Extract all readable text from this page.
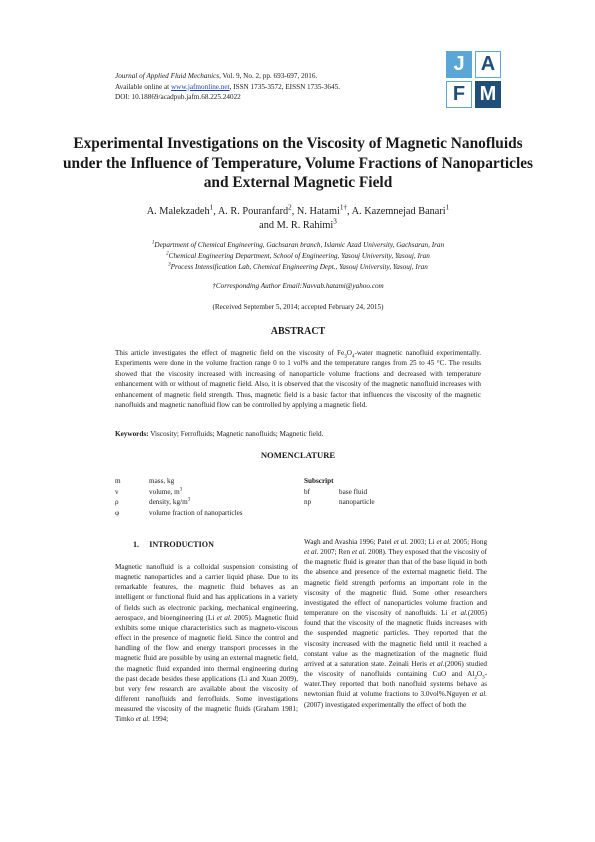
Journal of Applied Fluid Mechanics, Vol. 9, No. 2, pp. 693-697, 2016.
Available online at www.jafmonline.net, ISSN 1735-3572, EISSN 1735-3645.
DOI: 10.18869/acadpub.jafm.68.225.24022
J A
F M
Experimental Investigations on the Viscosity of Magnetic Nanofluids under the Influence of Temperature, Volume Fractions of Nanoparticles and External Magnetic Field
A. Malekzadeh$^1$, A. R. Pouranfard$^2$, N. Hatami$^{1\dagger}$, A. Kazemnejad Banari$^1$
and M. R. Rahimi$^3$
$^1$Department of Chemical Engineering, Gachsaran branch, Islamic Azad University, Gachsaran, Iran
$^2$Chemical Engineering Department, School of Engineering, Yasouj University, Yasouj, Iran
$^3$Process Intensification Lab, Chemical Engineering Dept., Yasouj University, Yasouj, Iran
†Corresponding Author Email:Navvab.hatami@yahoo.com
(Received September 5, 2014; accepted February 24, 2015)
ABSTRACT
This article investigates the effect of magnetic field on the viscosity of $Fe_3O_4$-water magnetic nanofluid experimentally. Experiments were done in the volume fraction range 0 to 1 vol% and the temperature ranges from 25 to 45 °C. The results showed that the viscosity increased with increasing of nanoparticle volume fractions and decreased with temperature enhancement with or without of magnetic field. Also, it is observed that the viscosity of the magnetic nanofluid increases with enhancement of magnetic field strength. Thus, magnetic field is a basic factor that influences the viscosity of the magnetic nanofluids and magnetic nanofluid flow can be controlled by applying a magnetic field.
Keywords: Viscosity; Ferrofluids; Magnetic nanofluids; Magnetic field.
NOMENCLATURE
m	mass, kg
v	volume, $m^3$
ρ	density, $kg/m^3$
φ	volume fraction of nanoparticles
Subscript
bf	base fluid
np	nanoparticle
1.     INTRODUCTION

Magnetic nanofluid is a colloidal suspension consisting of magnetic nanoparticles and a carrier liquid phase. Due to its remarkable features, the magnetic fluid behaves as an intelligent or functional fluid and has applications in a variety of fields such as electronic packing, mechanical engineering, aerospace, and bioengineering (Li et al. 2005). Magnetic fluid exhibits some unique characteristics such as magneto-viscous effect in the presence of magnetic field. Since the control and handling of the flow and energy transport processes in the magnetic fluid are possible by using an external magnetic field, the magnetic fluid expanded into thermal engineering during the past decade besides these applications (Li and Xuan 2009), but very few research are available about the viscosity of different nanofluids and ferrofluids. Some investigations measured the viscosity of the magnetic fluids (Graham 1981; Timko et al. 1994;

Wagh and Avashia 1996; Patel et al. 2003; Li et al. 2005; Hong et al. 2007; Ren et al. 2008). They exposed that the viscosity of the magnetic fluid is greater than that of the base liquid in both the absence and presence of the external magnetic field. The magnetic field strength performs an important role in the viscosity of the magnetic fluid. Some other researchers investigated the effect of nanoparticles volume fraction and temperature on the viscosity of nanofluids. Li et al.(2005) found that the viscosity of the magnetic fluids increases with the suspended magnetic particles. They reported that the viscosity increased with the magnetic field until it reached a constant value as the magnetization of the magnetic fluid arrived at a saturation state. Zeinali Heris et al.(2006) studied the viscosity of nanofluids containing CuO and $Al_2O_3-water.They$ reported that both nanofluid systems behave as newtonian fluid at volume fractions to 3.0vol%.Nguyen et al. (2007) investigated experimentally the effect of both the
